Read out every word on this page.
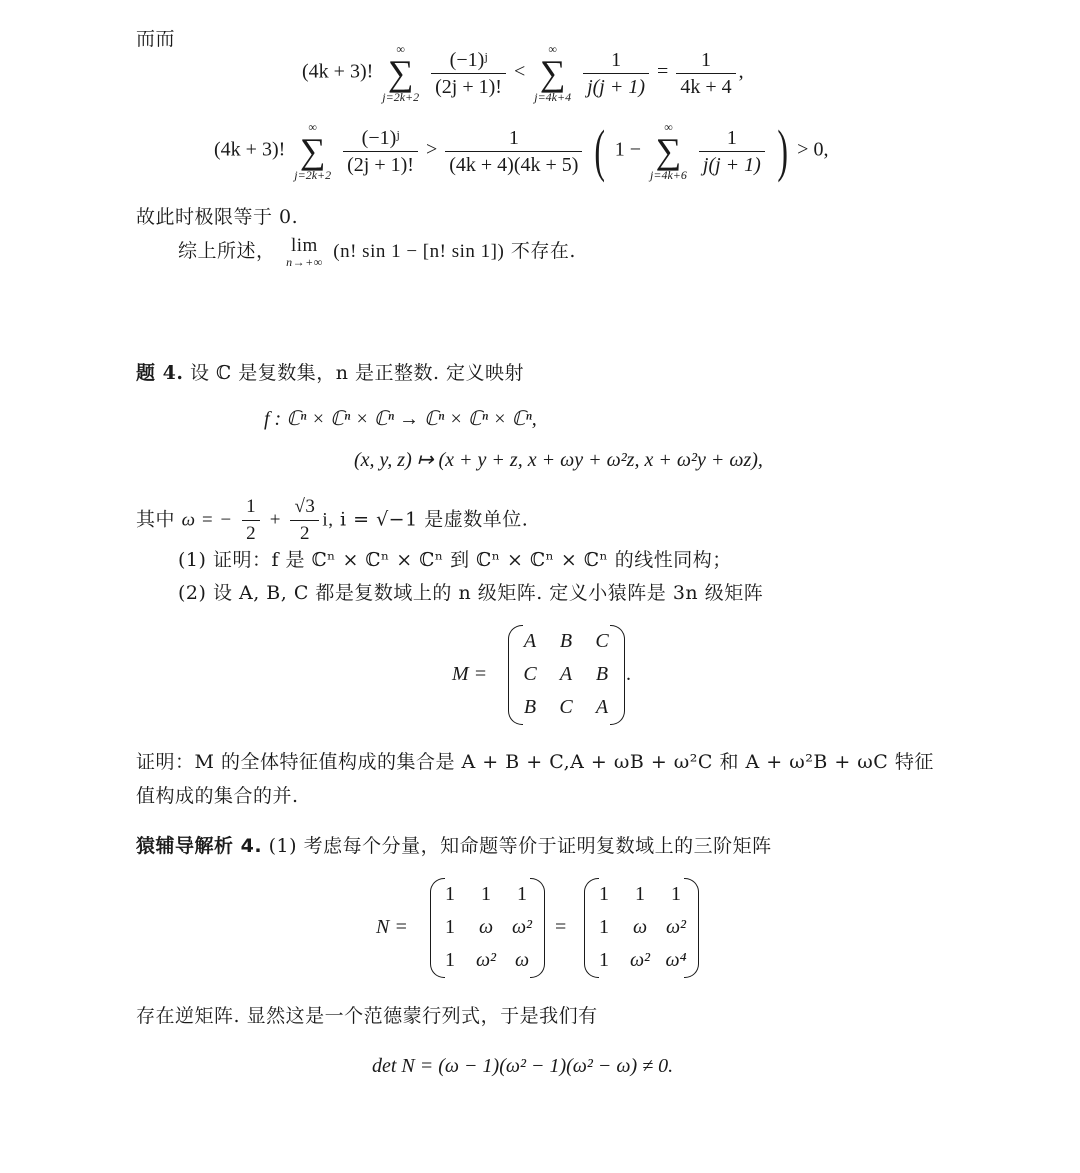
而而
(4k + 3)!
∞
∑
j=2k+2
$\frac{\text{(−1)ʲ}}{(2j + 1)!}$ <
∞
∑
j=4k+4
$\frac{1}{j(j + 1)} = \frac{1}{4k + 4}$ ,
(4k + 3)!
∞
∑
j=2k+2
$\frac{\text{(−1)ʲ}}{(2j + 1)!} > \frac{1}{(4k + 4)(4k + 5)}$ ( 1 −
∞
∑
j=4k+6
$\frac{1}{j(j + 1)}$ ) > 0,
故此时极限等于 0.
综上所述， lim
n→+∞ (n! sin 1 − [n! sin 1]) 不存在.
题 4. 设 ℂ 是复数集，n 是正整数. 定义映射
f : ℂⁿ × ℂⁿ × ℂⁿ → ℂⁿ × ℂⁿ × ℂⁿ,
(x, y, z) ↦ (x + y + z, x + ωy + ω²z, x + ω²y + ωz),
其中 ω = − $\frac{1}{2} + \frac{√3}{2} i$, i = √−1 是虚数单位.
(1) 证明：f 是 ℂⁿ × ℂⁿ × ℂⁿ 到 ℂⁿ × ℂⁿ × ℂⁿ 的线性同构；
(2) 设 A, B, C 都是复数域上的 n 级矩阵. 定义小猿阵是 3n 级矩阵
M =
A	B	C
C	A	B
B	C	A
.
证明：M 的全体特征值构成的集合是 A + B + C,A + ωB + ω²C 和 A + ω²B + ωC 特征
值构成的集合的并.
猿辅导解析 4. (1) 考虑每个分量，知命题等价于证明复数域上的三阶矩阵
N =
1	1	1
1	ω	ω²
1	ω²	ω
=
1	1	1
1	ω	ω²
1	ω²	ω⁴
存在逆矩阵. 显然这是一个范德蒙行列式，于是我们有
det N = (ω − 1)(ω² − 1)(ω² − ω) ≠ 0.
